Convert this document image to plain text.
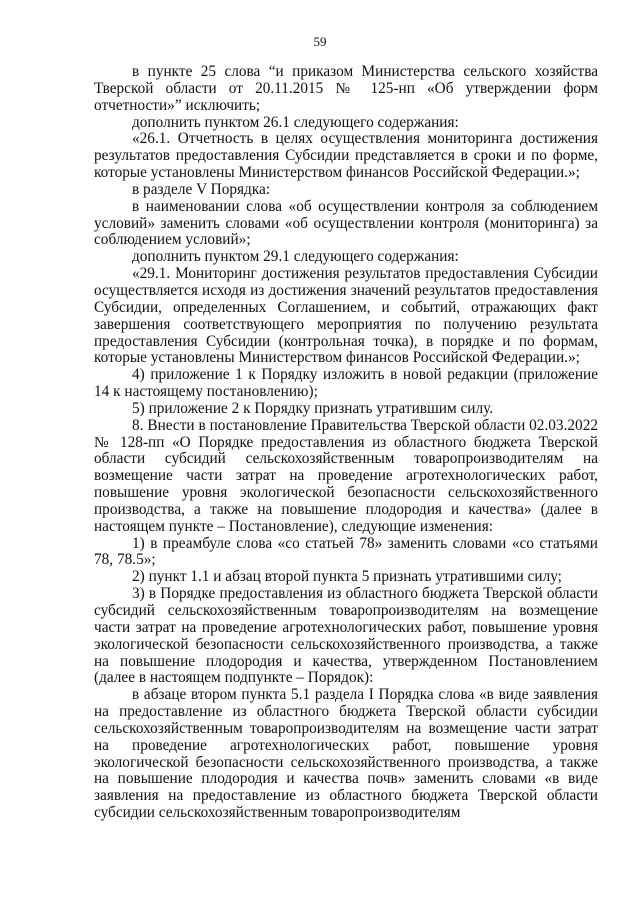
59

в пункте 25 слова “и приказом Министерства сельского хозяйства Тверской области от 20.11.2015 № 125-нп «Об утверждении форм отчетности»” исключить;

дополнить пунктом 26.1 следующего содержания:

«26.1. Отчетность в целях осуществления мониторинга достижения результатов предоставления Субсидии представляется в сроки и по форме, которые установлены Министерством финансов Российской Федерации.»;

в разделе V Порядка:

в наименовании слова «об осуществлении контроля за соблюдением условий» заменить словами «об осуществлении контроля (мониторинга) за соблюдением условий»;

дополнить пунктом 29.1 следующего содержания:

«29.1. Мониторинг достижения результатов предоставления Субсидии осуществляется исходя из достижения значений результатов предоставления Субсидии, определенных Соглашением, и событий, отражающих факт завершения соответствующего мероприятия по получению результата предоставления Субсидии (контрольная точка), в порядке и по формам, которые установлены Министерством финансов Российской Федерации.»;

4) приложение 1 к Порядку изложить в новой редакции (приложение 14 к настоящему постановлению);

5) приложение 2 к Порядку признать утратившим силу.

8. Внести в постановление Правительства Тверской области 02.03.2022 № 128-пп «О Порядке предоставления из областного бюджета Тверской области субсидий сельскохозяйственным товаропроизводителям на возмещение части затрат на проведение агротехнологических работ, повышение уровня экологической безопасности сельскохозяйственного производства, а также на повышение плодородия и качества» (далее в настоящем пункте – Постановление), следующие изменения:

1) в преамбуле слова «со статьей 78» заменить словами «со статьями 78, 78.5»;

2) пункт 1.1 и абзац второй пункта 5 признать утратившими силу;

3) в Порядке предоставления из областного бюджета Тверской области субсидий сельскохозяйственным товаропроизводителям на возмещение части затрат на проведение агротехнологических работ, повышение уровня экологической безопасности сельскохозяйственного производства, а также на повышение плодородия и качества, утвержденном Постановлением (далее в настоящем подпункте – Порядок):

в абзаце втором пункта 5.1 раздела I Порядка слова «в виде заявления на предоставление из областного бюджета Тверской области субсидии сельскохозяйственным товаропроизводителям на возмещение части затрат на проведение агротехнологических работ, повышение уровня экологической безопасности сельскохозяйственного производства, а также на повышение плодородия и качества почв» заменить словами «в виде заявления на предоставление из областного бюджета Тверской области субсидии сельскохозяйственным товаропроизводителям
